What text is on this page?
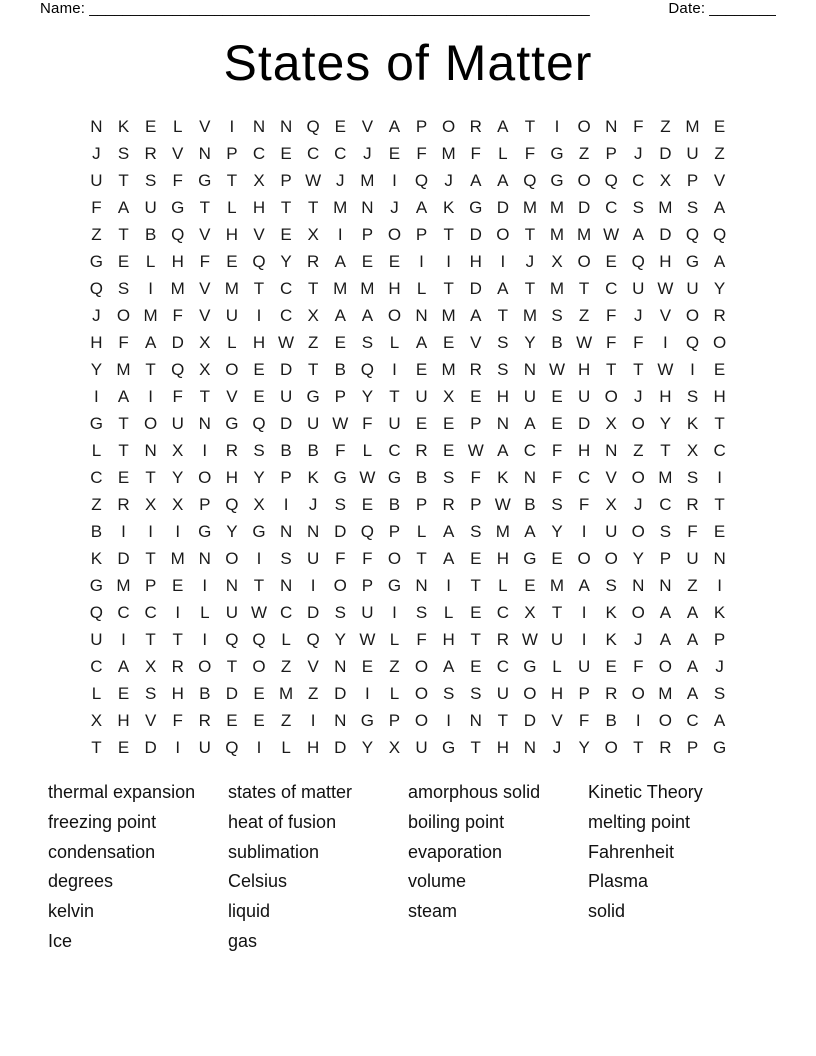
Name: ____________________________________________________________	Date: ________
States of Matter
N K E L V	I	N N Q E V A P O R A T	I	O N F Z M E
J	S R V N P C E C C J	E F M F	L	F G Z P	J D U Z
U T S F G T X P W J M	I	Q J	A A Q G O Q C X P V
F A U G T	L H T T M N J	A K G D M M D C S M S A
Z T B Q V H V E X	I	P O P T D O T M M W A D Q Q
G E L H F E Q Y R A E E	I	I	H	I	J	X O E Q H G A
Q S	I	M V M T C T M M H L	T D A T M T C U W U Y
J O M F V U	I	C X A A O N M A T M S Z F	J	V O R
H F A D X L H W Z E S L A E V S Y B W F F	I	Q O
Y M T Q X O E D T B Q	I	E M R S N W H T T W I	E
I	A	I	F T V E U G P Y T U X E H U E U O J H S H
G T O U N G Q D U W F U E E P N A E D X O Y K T
L	T N X	I	R S B B F	L C R E W A C F H N Z T X C
C E T Y O H Y P K G W G B S F K N F C V O M S	I
Z R X X P Q X	I	J	S E B P R P W B S F X	J C R T
B	I	I	I	G Y G N N D Q P L A S M A Y	I	U O S F E
K D T M N O	I	S U F F O T A E H G E O O Y P U N
G M P E	I	N T N	I	O P G N	I	T	L E M A S N N Z	I
Q C C	I	L U W C D S U	I	S L E C X T	I	K O A A K
U	I	T T	I	Q Q L Q Y W L	F H T R W U	I	K	J	A A P
C A X R O T O Z V N E Z O A E C G L U E F O A	J
L E S H B D E M Z D	I	L O S S U O H P R O M A S
X H V F R E E Z	I	N G P O	I	N T D V F B	I	O C A
T E D	I	U Q	I	L H D Y X U G T H N J	Y O T R P G
thermal expansion
freezing point
condensation
degrees
kelvin
Ice
states of matter
heat of fusion
sublimation
Celsius
liquid
gas
amorphous solid
boiling point
evaporation
volume
steam
Kinetic Theory
melting point
Fahrenheit
Plasma
solid
